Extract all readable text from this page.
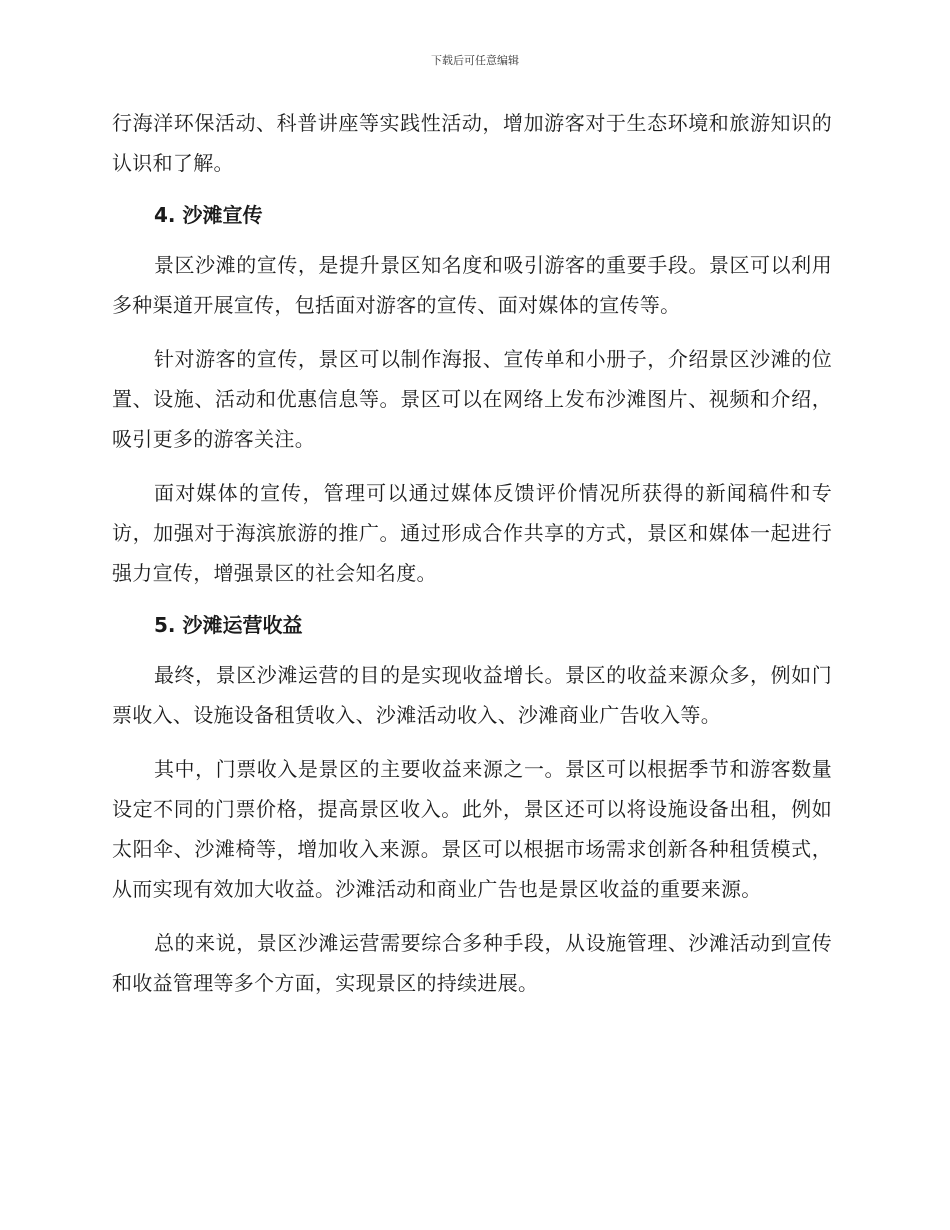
下载后可任意编辑

行海洋环保活动、科普讲座等实践性活动，增加游客对于生态环境和旅游知识的认识和了解。

4. 沙滩宣传

景区沙滩的宣传，是提升景区知名度和吸引游客的重要手段。景区可以利用多种渠道开展宣传，包括面对游客的宣传、面对媒体的宣传等。

针对游客的宣传，景区可以制作海报、宣传单和小册子，介绍景区沙滩的位置、设施、活动和优惠信息等。景区可以在网络上发布沙滩图片、视频和介绍，吸引更多的游客关注。

面对媒体的宣传，管理可以通过媒体反馈评价情况所获得的新闻稿件和专访，加强对于海滨旅游的推广。通过形成合作共享的方式，景区和媒体一起进行强力宣传，增强景区的社会知名度。

5. 沙滩运营收益

最终，景区沙滩运营的目的是实现收益增长。景区的收益来源众多，例如门票收入、设施设备租赁收入、沙滩活动收入、沙滩商业广告收入等。

其中，门票收入是景区的主要收益来源之一。景区可以根据季节和游客数量设定不同的门票价格，提高景区收入。此外，景区还可以将设施设备出租，例如太阳伞、沙滩椅等，增加收入来源。景区可以根据市场需求创新各种租赁模式，从而实现有效加大收益。沙滩活动和商业广告也是景区收益的重要来源。

总的来说，景区沙滩运营需要综合多种手段，从设施管理、沙滩活动到宣传和收益管理等多个方面，实现景区的持续进展。
